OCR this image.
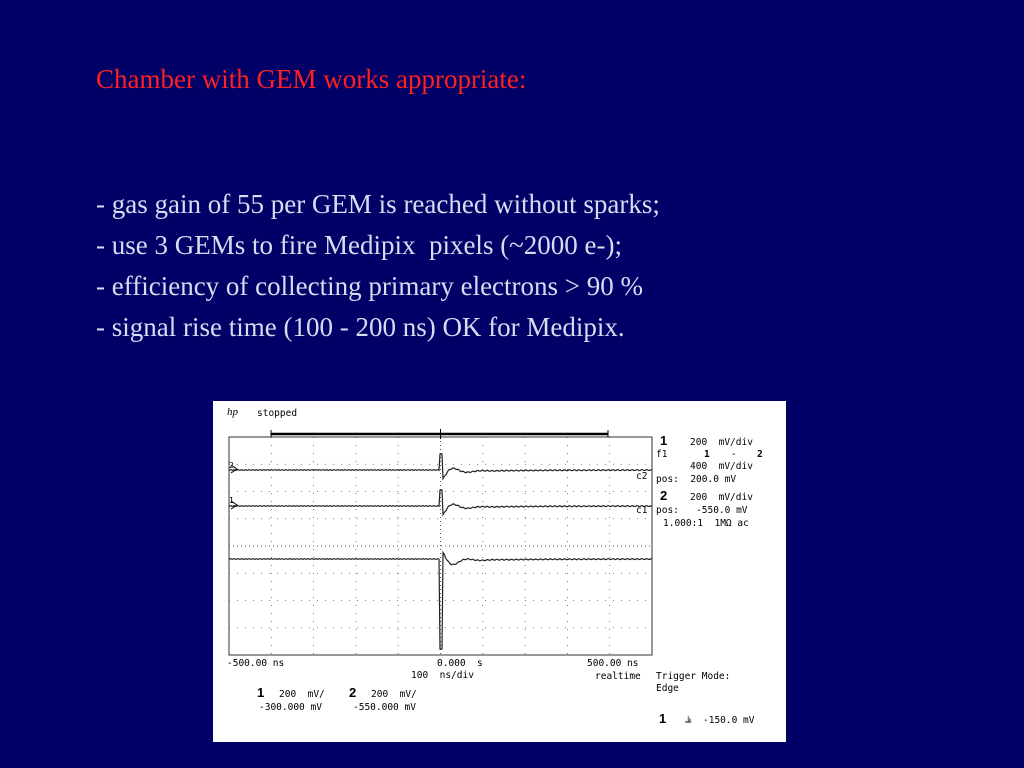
Chamber with GEM works appropriate:
- gas gain of 55 per GEM is reached without sparks;
- use 3 GEMs to fire Medipix  pixels (~2000 e-);
- efficiency of collecting primary electrons > 90 %
- signal rise time (100 - 200 ns) OK for Medipix.
hp stopped
2
1
c2
c1
1 200  mV/div
f1	1 - 2
400  mV/div
pos:  200.0 mV
2 200  mV/div
pos:   -550.0 mV
1.000:1  1MΩ ac
-500.00 ns	0.000  s	500.00 ns
100  ns/div	realtime Trigger Mode:
Edge
1 200  mV/ 2 200  mV/
-300.000 mV	-550.000 mV
1 ⫡ -150.0 mV
